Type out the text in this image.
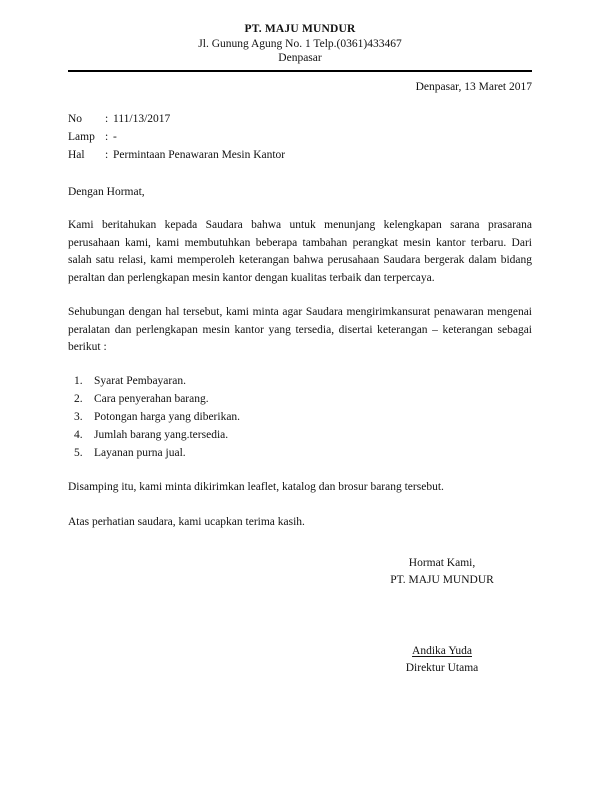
PT. MAJU MUNDUR
Jl. Gunung Agung No. 1 Telp.(0361)433467
Denpasar
Denpasar, 13 Maret 2017
No	: 111/13/2017
Lamp : -
Hal	: Permintaan Penawaran Mesin Kantor
Dengan Hormat,

Kami beritahukan kepada Saudara bahwa untuk menunjang kelengkapan sarana prasarana perusahaan kami, kami membutuhkan beberapa tambahan perangkat mesin kantor terbaru. Dari salah satu relasi, kami memperoleh keterangan bahwa perusahaan Saudara bergerak dalam bidang peraltan dan perlengkapan mesin kantor dengan kualitas terbaik dan terpercaya.

Sehubungan dengan hal tersebut, kami minta agar Saudara mengirimkansurat penawaran mengenai peralatan dan perlengkapan mesin kantor yang tersedia, disertai keterangan – keterangan sebagai berikut :

1. Syarat Pembayaran.
2. Cara penyerahan barang.
3. Potongan harga yang diberikan.
4. Jumlah barang yang.tersedia.
5. Layanan purna jual.

Disamping itu, kami minta dikirimkan leaflet, katalog dan brosur barang tersebut.

Atas perhatian saudara, kami ucapkan terima kasih.

Hormat Kami,
PT. MAJU MUNDUR
Andika Yuda
Direktur Utama
